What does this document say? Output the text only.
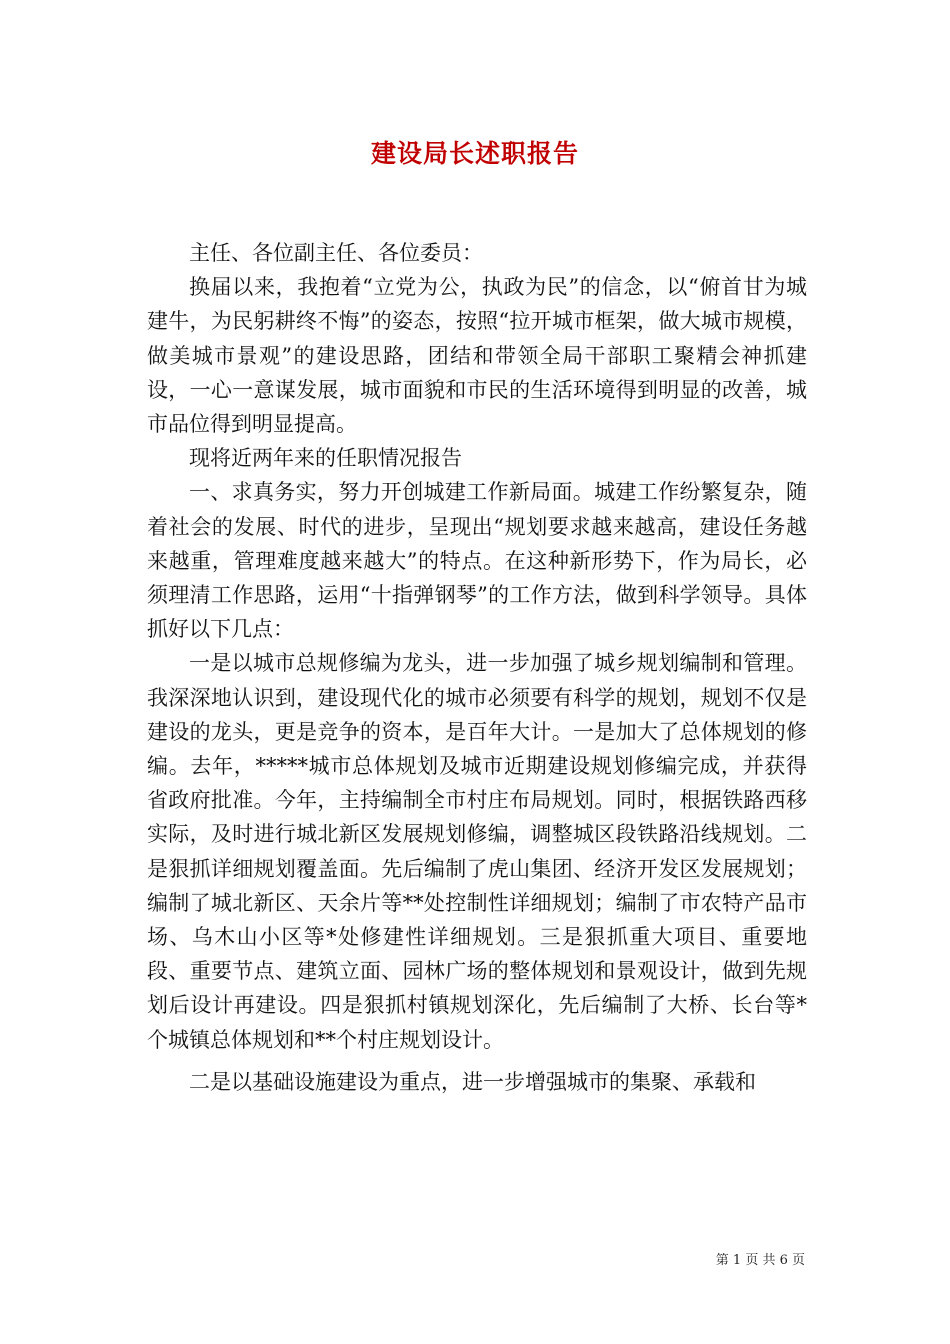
建设局长述职报告

主任、各位副主任、各位委员：

换届以来，我抱着“立党为公，执政为民”的信念，以“俯首甘为城建牛，为民躬耕终不悔”的姿态，按照“拉开城市框架，做大城市规模，做美城市景观”的建设思路，团结和带领全局干部职工聚精会神抓建设，一心一意谋发展，城市面貌和市民的生活环境得到明显的改善，城市品位得到明显提高。

现将近两年来的任职情况报告

一、求真务实，努力开创城建工作新局面。城建工作纷繁复杂，随着社会的发展、时代的进步，呈现出“规划要求越来越高，建设任务越来越重，管理难度越来越大”的特点。在这种新形势下，作为局长，必须理清工作思路，运用“十指弹钢琴”的工作方法，做到科学领导。具体抓好以下几点：

一是以城市总规修编为龙头，进一步加强了城乡规划编制和管理。我深深地认识到，建设现代化的城市必须要有科学的规划，规划不仅是建设的龙头，更是竞争的资本，是百年大计。一是加大了总体规划的修编。去年，*****城市总体规划及城市近期建设规划修编完成，并获得省政府批准。今年，主持编制全市村庄布局规划。同时，根据铁路西移实际，及时进行城北新区发展规划修编，调整城区段铁路沿线规划。二是狠抓详细规划覆盖面。先后编制了虎山集团、经济开发区发展规划；编制了城北新区、天余片等**处控制性详细规划；编制了市农特产品市场、乌木山小区等*处修建性详细规划。三是狠抓重大项目、重要地段、重要节点、建筑立面、园林广场的整体规划和景观设计，做到先规划后设计再建设。四是狠抓村镇规划深化，先后编制了大桥、长台等*个城镇总体规划和**个村庄规划设计。

二是以基础设施建设为重点，进一步增强城市的集聚、承载和

第 1 页 共 6 页
